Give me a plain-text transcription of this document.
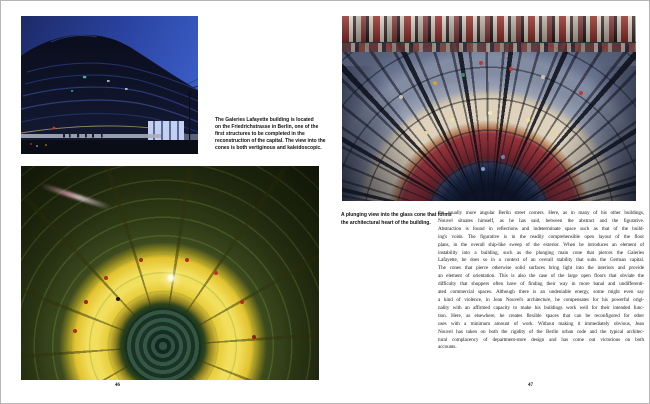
The Galeries Lafayette building is located
on the Friedrichstrasse in Berlin, one of the
first structures to be completed in the
reconstruction of the capital. The view into the
cones is both vertiginous and kaleidoscopic.
46
A plunging view into the glass cone that forms
the architectural heart of the building.
the usually more angular Berlin street corners. Here, as in many of his other buildings,
Nouvel situates himself, as he has said, between the abstract and the figurative.
Abstraction is found in reflections and indeterminate space such as that of the build-
ing's voids. The figurative is in the readily comprehensible open layout of the floor
plans, in the overall ship-like sweep of the exterior. When he introduces an element of
instability into a building, such as the plunging main cone that pierces the Galeries
Lafayette, he does so in a context of an overall stability that suits the German capital.
The cones that pierce otherwise solid surfaces bring light into the interiors and provide
an element of orientation. This is also the case of the large open floors that obviate the
difficulty that shoppers often have of finding their way in more banal and undifferenti-
ated commercial spaces. Although there is an undeniable energy, some might even say
a kind of violence, in Jean Nouvel's architecture, he compensates for his powerful origi-
nality with an affirmed capacity to make his buildings work well for their intended func-
tion. Here, as elsewhere, he creates flexible spaces that can be reconfigured for other
uses with a minimum amount of work. Without making it immediately obvious, Jean
Nouvel has taken on both the rigidity of the Berlin urban code and the typical architec-
tural complacency of department-store design and has come out victorious on both
accounts.
47
